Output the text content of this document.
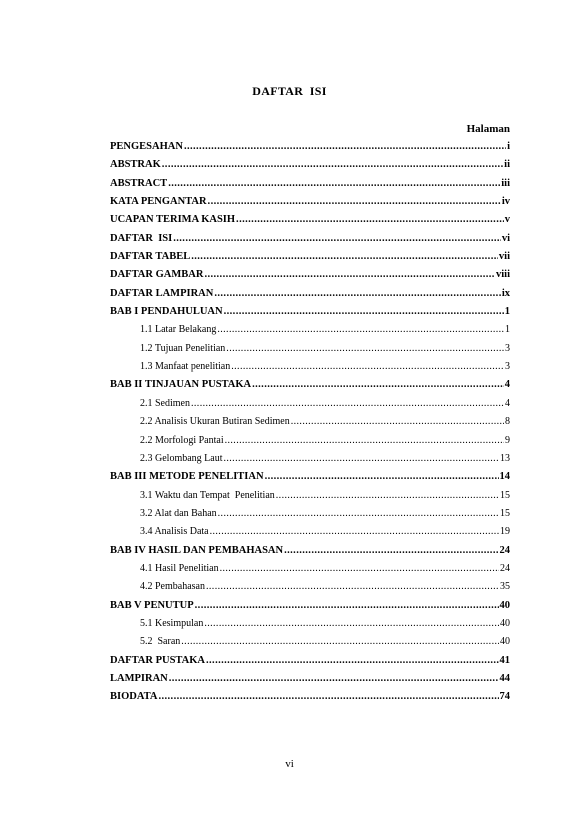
DAFTAR  ISI
Halaman
PENGESAHAN .....	i
ABSTRAK .....	ii
ABSTRACT .....	iii
KATA PENGANTAR .....	iv
UCAPAN TERIMA KASIH .....	v
DAFTAR  ISI .....	vi
DAFTAR TABEL .....	vii
DAFTAR GAMBAR .....	viii
DAFTAR LAMPIRAN .....	ix
BAB I PENDAHULUAN .....	1
1.1 Latar Belakang .....	1
1.2 Tujuan Penelitian .....	3
1.3 Manfaat penelitian .....	3
BAB II TINJAUAN PUSTAKA .....	4
2.1 Sedimen .....	4
2.2 Analisis Ukuran Butiran Sedimen .....	8
2.2 Morfologi Pantai .....	9
2.3 Gelombang Laut .....	13
BAB III METODE PENELITIAN .....	14
3.1 Waktu dan Tempat  Penelitian .....	15
3.2 Alat dan Bahan .....	15
3.4 Analisis Data .....	19
BAB IV HASIL DAN PEMBAHASAN .....	24
4.1 Hasil Penelitian .....	24
4.2 Pembahasan .....	35
BAB V PENUTUP .....	40
5.1 Kesimpulan .....	40
5.2  Saran .....	40
DAFTAR PUSTAKA .....	41
LAMPIRAN .....	44
BIODATA .....	74
vi
